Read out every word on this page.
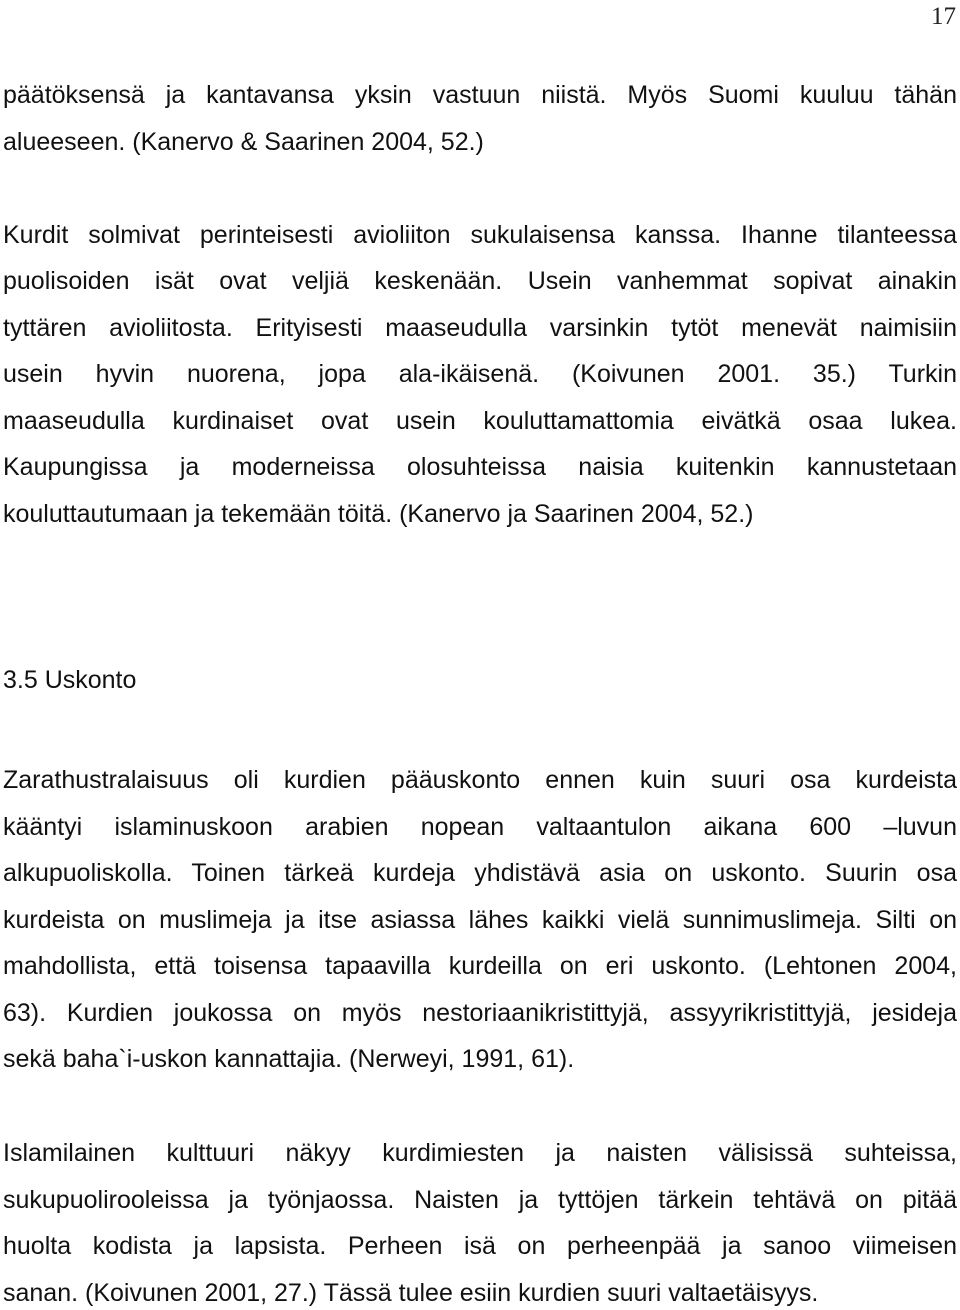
17
päätöksensä ja kantavansa yksin vastuun niistä. Myös Suomi kuuluu tähän
alueeseen. (Kanervo & Saarinen 2004, 52.)
Kurdit solmivat perinteisesti avioliiton sukulaisensa kanssa. Ihanne tilanteessa
puolisoiden isät ovat veljiä keskenään. Usein vanhemmat sopivat ainakin
tyttären avioliitosta. Erityisesti maaseudulla varsinkin tytöt menevät naimisiin
usein hyvin nuorena, jopa ala-ikäisenä. (Koivunen 2001. 35.) Turkin
maaseudulla kurdinaiset ovat usein kouluttamattomia eivätkä osaa lukea.
Kaupungissa ja moderneissa olosuhteissa naisia kuitenkin kannustetaan
kouluttautumaan ja tekemään töitä. (Kanervo ja Saarinen 2004, 52.)
3.5 Uskonto
Zarathustralaisuus oli kurdien pääuskonto ennen kuin suuri osa kurdeista
kääntyi islaminuskoon arabien nopean valtaantulon aikana 600 –luvun
alkupuoliskolla. Toinen tärkeä kurdeja yhdistävä asia on uskonto. Suurin osa
kurdeista on muslimeja ja itse asiassa lähes kaikki vielä sunnimuslimeja. Silti on
mahdollista, että toisensa tapaavilla kurdeilla on eri uskonto. (Lehtonen 2004,
63). Kurdien joukossa on myös nestoriaanikristittyjä, assyyrikristittyjä, jesideja
sekä baha`i-uskon kannattajia. (Nerweyi, 1991, 61).
Islamilainen kulttuuri näkyy kurdimiesten ja naisten välisissä suhteissa,
sukupuolirooleissa ja työnjaossa. Naisten ja tyttöjen tärkein tehtävä on pitää
huolta kodista ja lapsista. Perheen isä on perheenpää ja sanoo viimeisen
sanan. (Koivunen 2001, 27.) Tässä tulee esiin kurdien suuri valtaetäisyys.
